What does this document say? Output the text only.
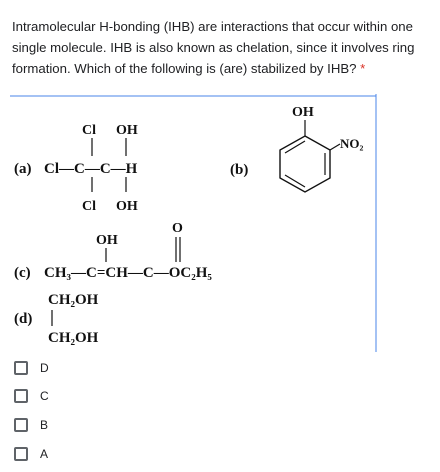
Intramolecular H-bonding (IHB) are interactions that occur within one single molecule. IHB is also known as chelation, since it involves ring formation. Which of the following is (are) stabilized by IHB? *
Cl OH
(a) Cl—C—C—H
Cl OH
(b)
OH
NO₂
OH
O
(c) CH₃—C=CH—C—OC₂H₅
CH₂OH
(d)
CH₂OH
D
C
B
A
